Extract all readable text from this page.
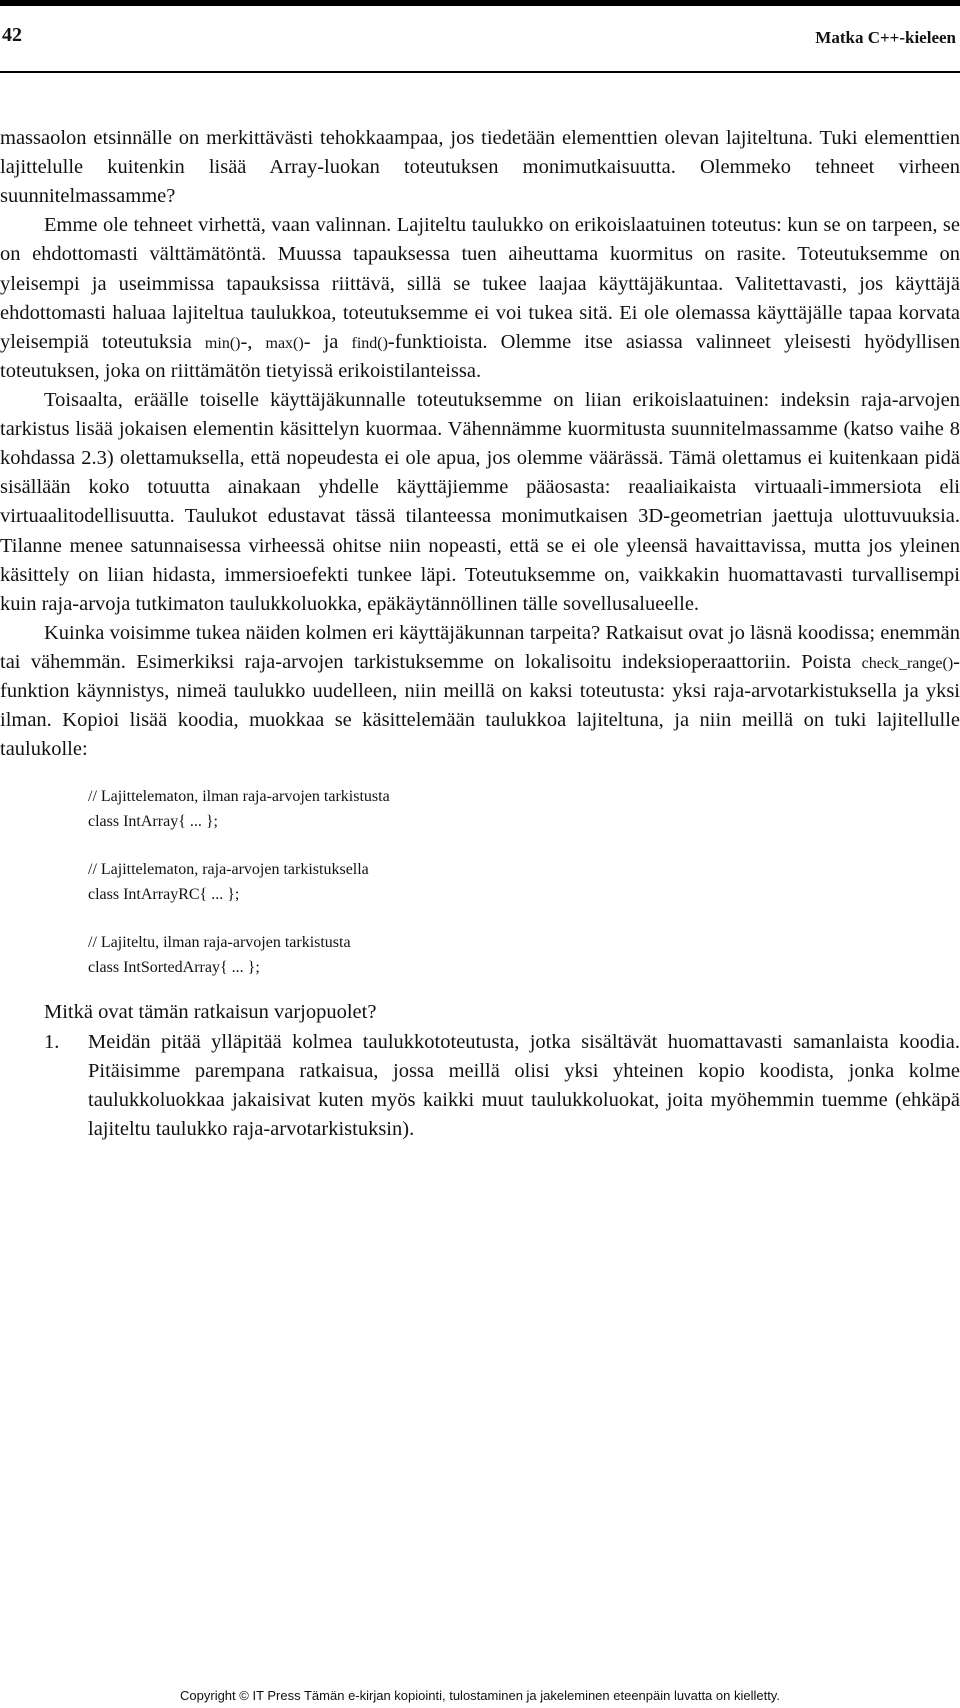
42	Matka C++-kieleen

massaolon etsinnälle on merkittävästi tehokkaampaa, jos tiedetään elementtien olevan lajiteltuna. Tuki elementtien lajittelulle kuitenkin lisää Array-luokan toteutuksen monimutkaisuutta. Olemmeko tehneet virheen suunnitelmassamme?

Emme ole tehneet virhettä, vaan valinnan. Lajiteltu taulukko on erikoislaatuinen toteutus: kun se on tarpeen, se on ehdottomasti välttämätöntä. Muussa tapauksessa tuen aiheuttama kuormitus on rasite. Toteutuksemme on yleisempi ja useimmissa tapauksissa riittävä, sillä se tukee laajaa käyttäjäkuntaa. Valitettavasti, jos käyttäjä ehdottomasti haluaa lajiteltua taulukkoa, toteutuksemme ei voi tukea sitä. Ei ole olemassa käyttäjälle tapaa korvata yleisempiä toteutuksia min()-, max()- ja find()-funktioista. Olemme itse asiassa valinneet yleisesti hyödyllisen toteutuksen, joka on riittämätön tietyissä erikoistilanteissa.

Toisaalta, eräälle toiselle käyttäjäkunnalle toteutuksemme on liian erikoislaatuinen: indeksin raja-arvojen tarkistus lisää jokaisen elementin käsittelyn kuormaa. Vähennämme kuormitusta suunnitelmassamme (katso vaihe 8 kohdassa 2.3) olettamuksella, että nopeudesta ei ole apua, jos olemme väärässä. Tämä olettamus ei kuitenkaan pidä sisällään koko totuutta ainakaan yhdelle käyttäjiemme pääosasta: reaaliaikaista virtuaali-immersiota eli virtuaalitodellisuutta. Taulukot edustavat tässä tilanteessa monimutkaisen 3D-geometrian jaettuja ulottuvuuksia. Tilanne menee satunnaisessa virheessä ohitse niin nopeasti, että se ei ole yleensä havaittavissa, mutta jos yleinen käsittely on liian hidasta, immersioefekti tunkee läpi. Toteutuksemme on, vaikkakin huomattavasti turvallisempi kuin raja-arvoja tutkimaton taulukkoluokka, epäkäytännöllinen tälle sovellusalueelle.

Kuinka voisimme tukea näiden kolmen eri käyttäjäkunnan tarpeita? Ratkaisut ovat jo läsnä koodissa; enemmän tai vähemmän. Esimerkiksi raja-arvojen tarkistuksemme on lokalisoitu indeksioperaattoriin. Poista check_range()-funktion käynnistys, nimeä taulukko uudelleen, niin meillä on kaksi toteutusta: yksi raja-arvotarkistuksella ja yksi ilman. Kopioi lisää koodia, muokkaa se käsittelemään taulukkoa lajiteltuna, ja niin meillä on tuki lajitellulle taulukolle:

// Lajittelematon, ilman raja-arvojen tarkistusta
class IntArray{ ... };
// Lajittelematon, raja-arvojen tarkistuksella
class IntArrayRC{ ... };
// Lajiteltu, ilman raja-arvojen tarkistusta
class IntSortedArray{ ... };

Mitkä ovat tämän ratkaisun varjopuolet?

1. Meidän pitää ylläpitää kolmea taulukkototeutusta, jotka sisältävät huomattavasti samanlaista koodia. Pitäisimme parempana ratkaisua, jossa meillä olisi yksi yhteinen kopio koodista, jonka kolme taulukkoluokkaa jakaisivat kuten myös kaikki muut taulukkoluokat, joita myöhemmin tuemme (ehkäpä lajiteltu taulukko raja-arvotarkistuksin).

Copyright © IT Press Tämän e-kirjan kopiointi, tulostaminen ja jakeleminen eteenpäin luvatta on kielletty.
